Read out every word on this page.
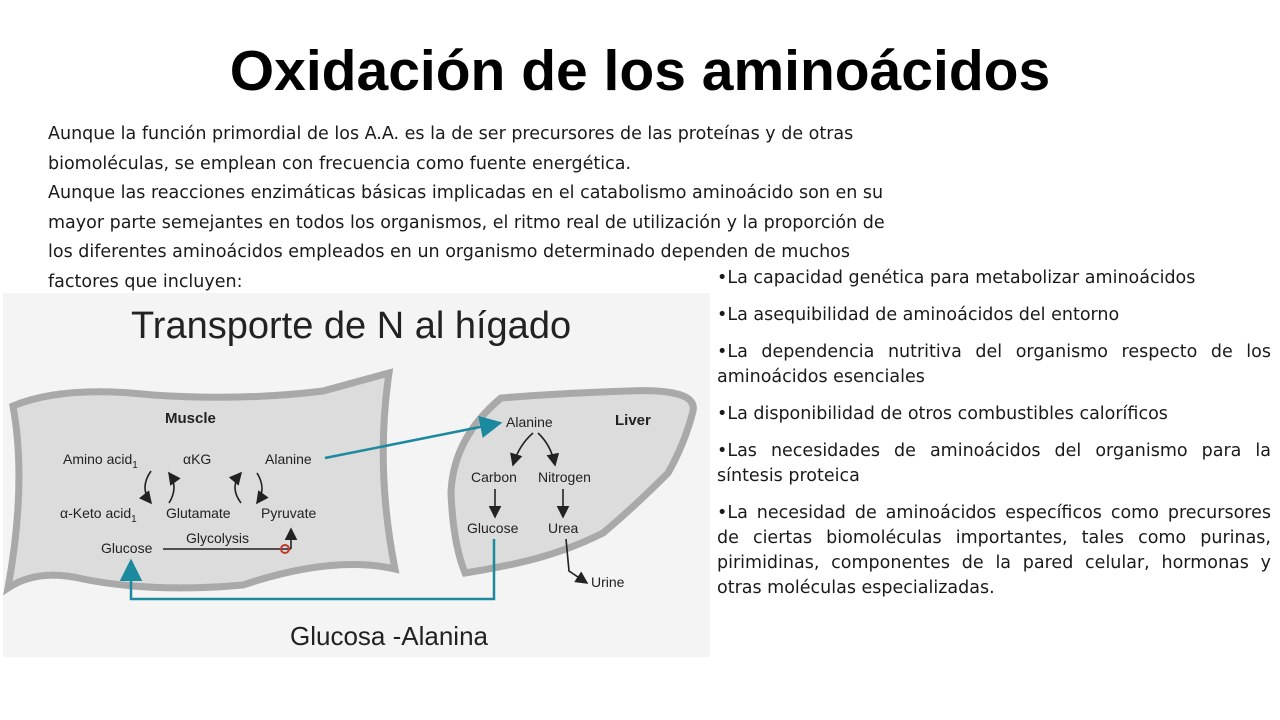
Oxidación de los aminoácidos

Aunque la función primordial de los A.A. es la de ser precursores de las proteínas y de otras biomoléculas, se emplean con frecuencia como fuente energética.

Aunque las reacciones enzimáticas básicas implicadas en el catabolismo aminoácido son en su mayor parte semejantes en todos los organismos, el ritmo real de utilización y la proporción de los diferentes aminoácidos empleados en un organismo determinado dependen de muchos factores que incluyen:

Transporte de N al hígado
Muscle
Amino acid$_1$	αKG	Alanine
α-Keto acid$_1$ Glutamate Pyruvate
Glycolysis
Glucose
Liver
Alanine
Carbon Nitrogen
Glucose Urea
Urine
Glucosa -Alanina

•La capacidad genética para metabolizar aminoácidos

•La asequibilidad de aminoácidos del entorno

•La dependencia nutritiva del organismo respecto de los aminoácidos esenciales

•La disponibilidad de otros combustibles caloríficos

•Las necesidades de aminoácidos del organismo para la síntesis proteica

•La necesidad de aminoácidos específicos como precursores de ciertas biomoléculas importantes, tales como purinas, pirimidinas, componentes de la pared celular, hormonas y otras moléculas especializadas.
